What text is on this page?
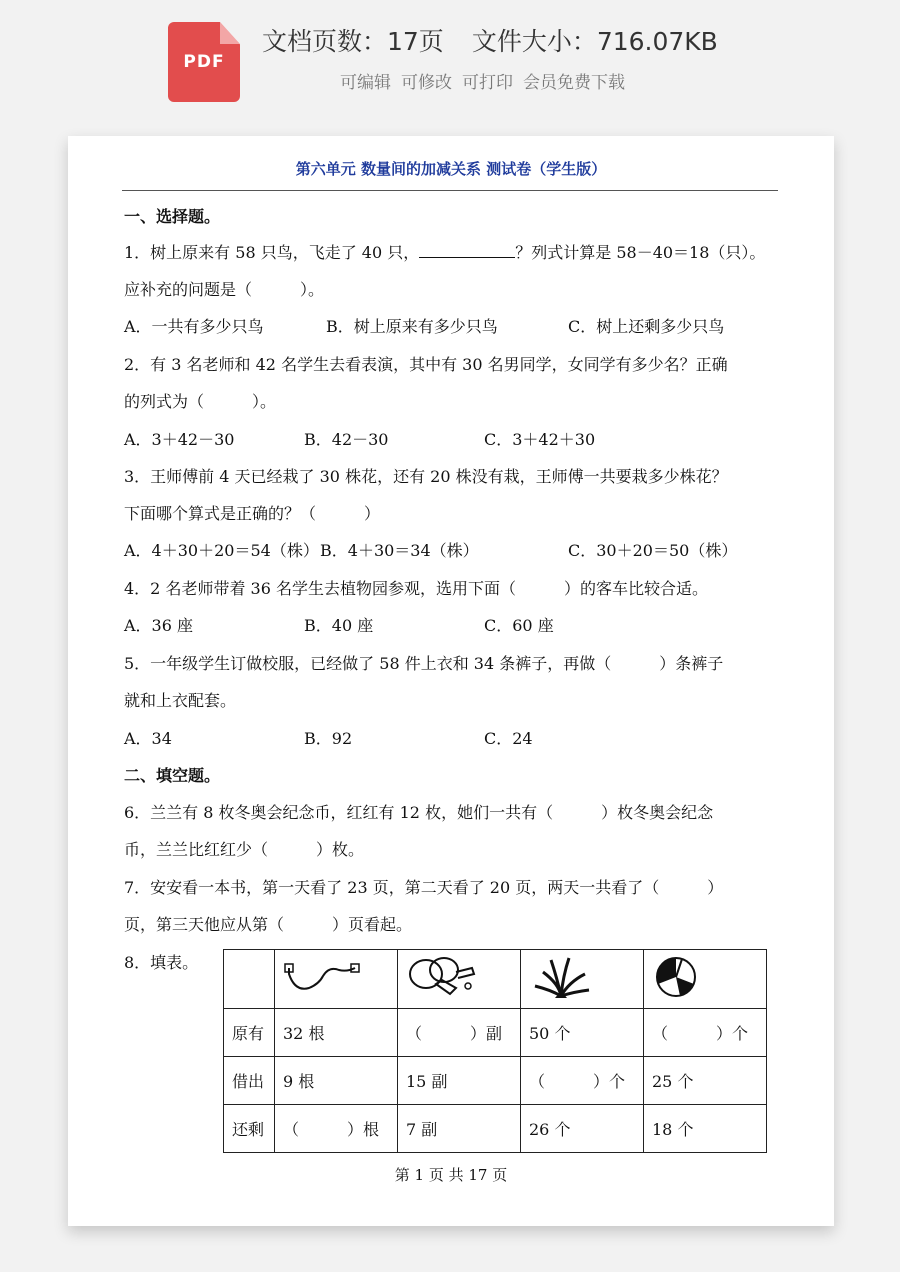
PDF
文档页数：17页 文件大小：716.07KB
可编辑 可修改 可打印 会员免费下载
第六单元 数量间的加减关系 测试卷（学生版）
一、选择题。
1．树上原来有 58 只鸟，飞走了 40 只，	？列式计算是 58－40＝18（只）。
应补充的问题是（　　　）。
A．一共有多少只鸟	B．树上原来有多少只鸟	C．树上还剩多少只鸟
2．有 3 名老师和 42 名学生去看表演，其中有 30 名男同学，女同学有多少名？正确
的列式为（　　　）。
A．3＋42－30	B．42－30	C．3＋42＋30
3．王师傅前 4 天已经栽了 30 株花，还有 20 株没有栽，王师傅一共要栽多少株花？
下面哪个算式是正确的？（　　　）
A．4＋30＋20＝54（株） B．4＋30＝34（株）	C．30＋20＝50（株）
4．2 名老师带着 36 名学生去植物园参观，选用下面（　　　）的客车比较合适。
A．36 座	B．40 座	C．60 座
5．一年级学生订做校服，已经做了 58 件上衣和 34 条裤子，再做（　　　）条裤子
就和上衣配套。
A．34	B．92	C．24
二、填空题。
6．兰兰有 8 枚冬奥会纪念币，红红有 12 枚，她们一共有（　　　）枚冬奥会纪念
币，兰兰比红红少（　　　）枚。
7．安安看一本书，第一天看了 23 页，第二天看了 20 页，两天一共看了（　　　）
页，第三天他应从第（　　　）页看起。
8．填表。

原有	32 根	（　　　）副	50 个	（　　　）个
借出	9 根	15 副	（　　　）个	25 个
还剩	（　　　）根	7 副	26 个	18 个
第 1 页 共 17 页
